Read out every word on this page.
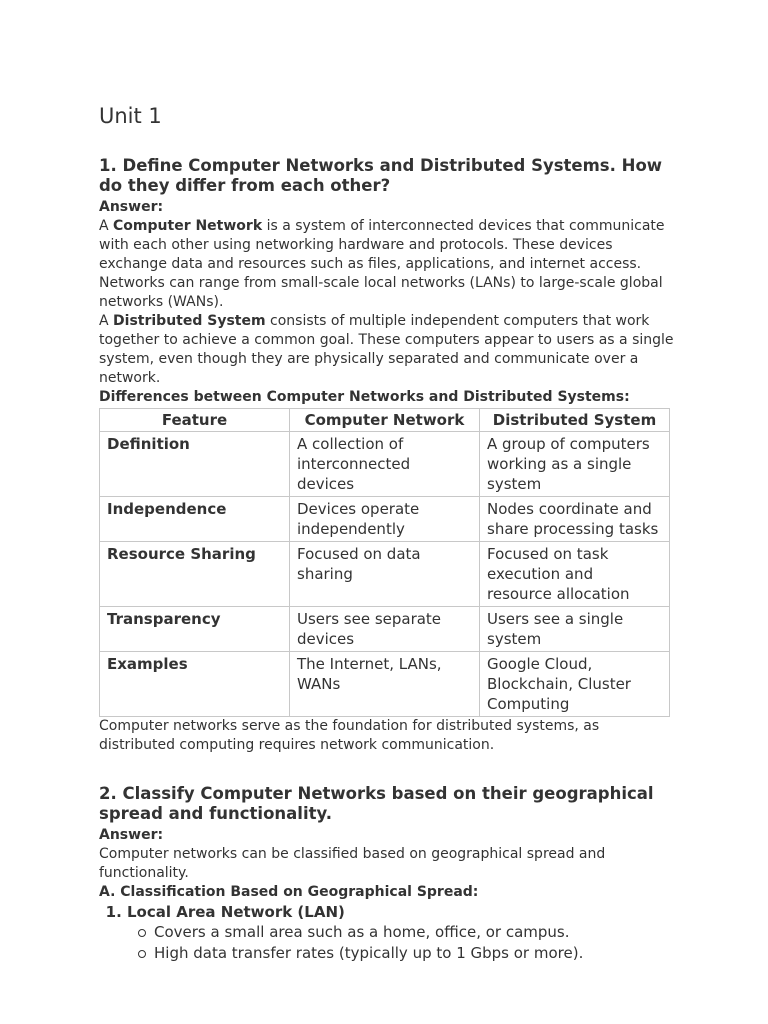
Unit 1
1. Define Computer Networks and Distributed Systems. How do they differ from each other?
Answer:

A Computer Network is a system of interconnected devices that communicate with each other using networking hardware and protocols. These devices exchange data and resources such as files, applications, and internet access. Networks can range from small-scale local networks (LANs) to large-scale global networks (WANs).

A Distributed System consists of multiple independent computers that work together to achieve a common goal. These computers appear to users as a single system, even though they are physically separated and communicate over a network.

Differences between Computer Networks and Distributed Systems:
Feature	Computer Network	Distributed System
Definition	A collection of interconnected devices	A group of computers working as a single system
Independence	Devices operate independently	Nodes coordinate and share processing tasks
Resource Sharing	Focused on data sharing	Focused on task execution and resource allocation
Transparency	Users see separate devices	Users see a single system
Examples	The Internet, LANs, WANs	Google Cloud, Blockchain, Cluster Computing

Computer networks serve as the foundation for distributed systems, as distributed computing requires network communication.

2. Classify Computer Networks based on their geographical spread and functionality.
Answer:

Computer networks can be classified based on geographical spread and functionality.

A. Classification Based on Geographical Spread:
1. Local Area Network (LAN)
Covers a small area such as a home, office, or campus.
High data transfer rates (typically up to 1 Gbps or more).
